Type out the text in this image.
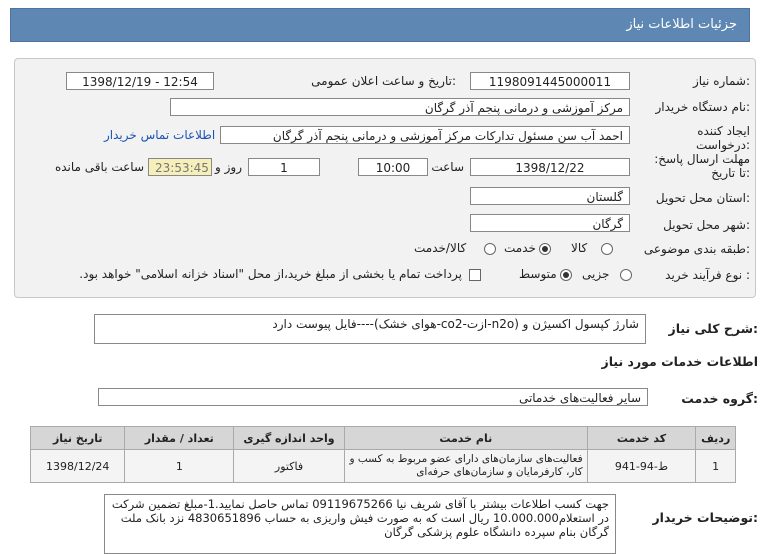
جزئیات اطلاعات نیاز
شماره نیاز:
1198091445000011
تاریخ و ساعت اعلان عمومی:
1398/12/19 - 12:54
نام دستگاه خریدار:
مرکز آموزشی و درمانی پنجم آذر گرگان
ایجاد کننده درخواست:
احمد آب سن مسئول تدارکات مرکز آموزشی و درمانی پنجم آذر گرگان
اطلاعات تماس خریدار
مهلت ارسال پاسخ: تا تاریخ:
1398/12/22
ساعت
10:00
1
روز و
23:53:45
ساعت باقی مانده
استان محل تحویل:
گلستان
شهر محل تحویل:
گرگان
طبقه بندی موضوعی:
کالا
خدمت
کالا/خدمت
نوع فرآیند خرید :
جزیی
متوسط
پرداخت تمام یا بخشی از مبلغ خرید،از محل "اسناد خزانه اسلامی" خواهد بود.
شرح کلی نیاز:
شارژ کپسول اکسیژن و (n2o-ازت-co2-هوای خشک)----فایل پیوست دارد
اطلاعات خدمات مورد نیاز
گروه خدمت:
سایر فعالیت‌های خدماتی
تاریخ نیاز	تعداد / مقدار	واحد اندازه گیری	نام خدمت	کد خدمت	ردیف
1398/12/24	1	فاکتور	فعالیت‌های سازمان‌های دارای عضو مربوط به کسب و کار، کارفرمایان و سازمان‌های حرفه‌ای	ط-94-941	1
توضیحات خریدار:
جهت کسب اطلاعات بیشتر با آقای شریف نیا 09119675266 تماس حاصل نمایید.1-مبلغ تضمین شرکت در استعلام10.000.000 ریال است که به صورت فیش واریزی به حساب 4830651896 نزد بانک ملت گرگان بنام سپرده دانشگاه علوم پزشکی گرگان
